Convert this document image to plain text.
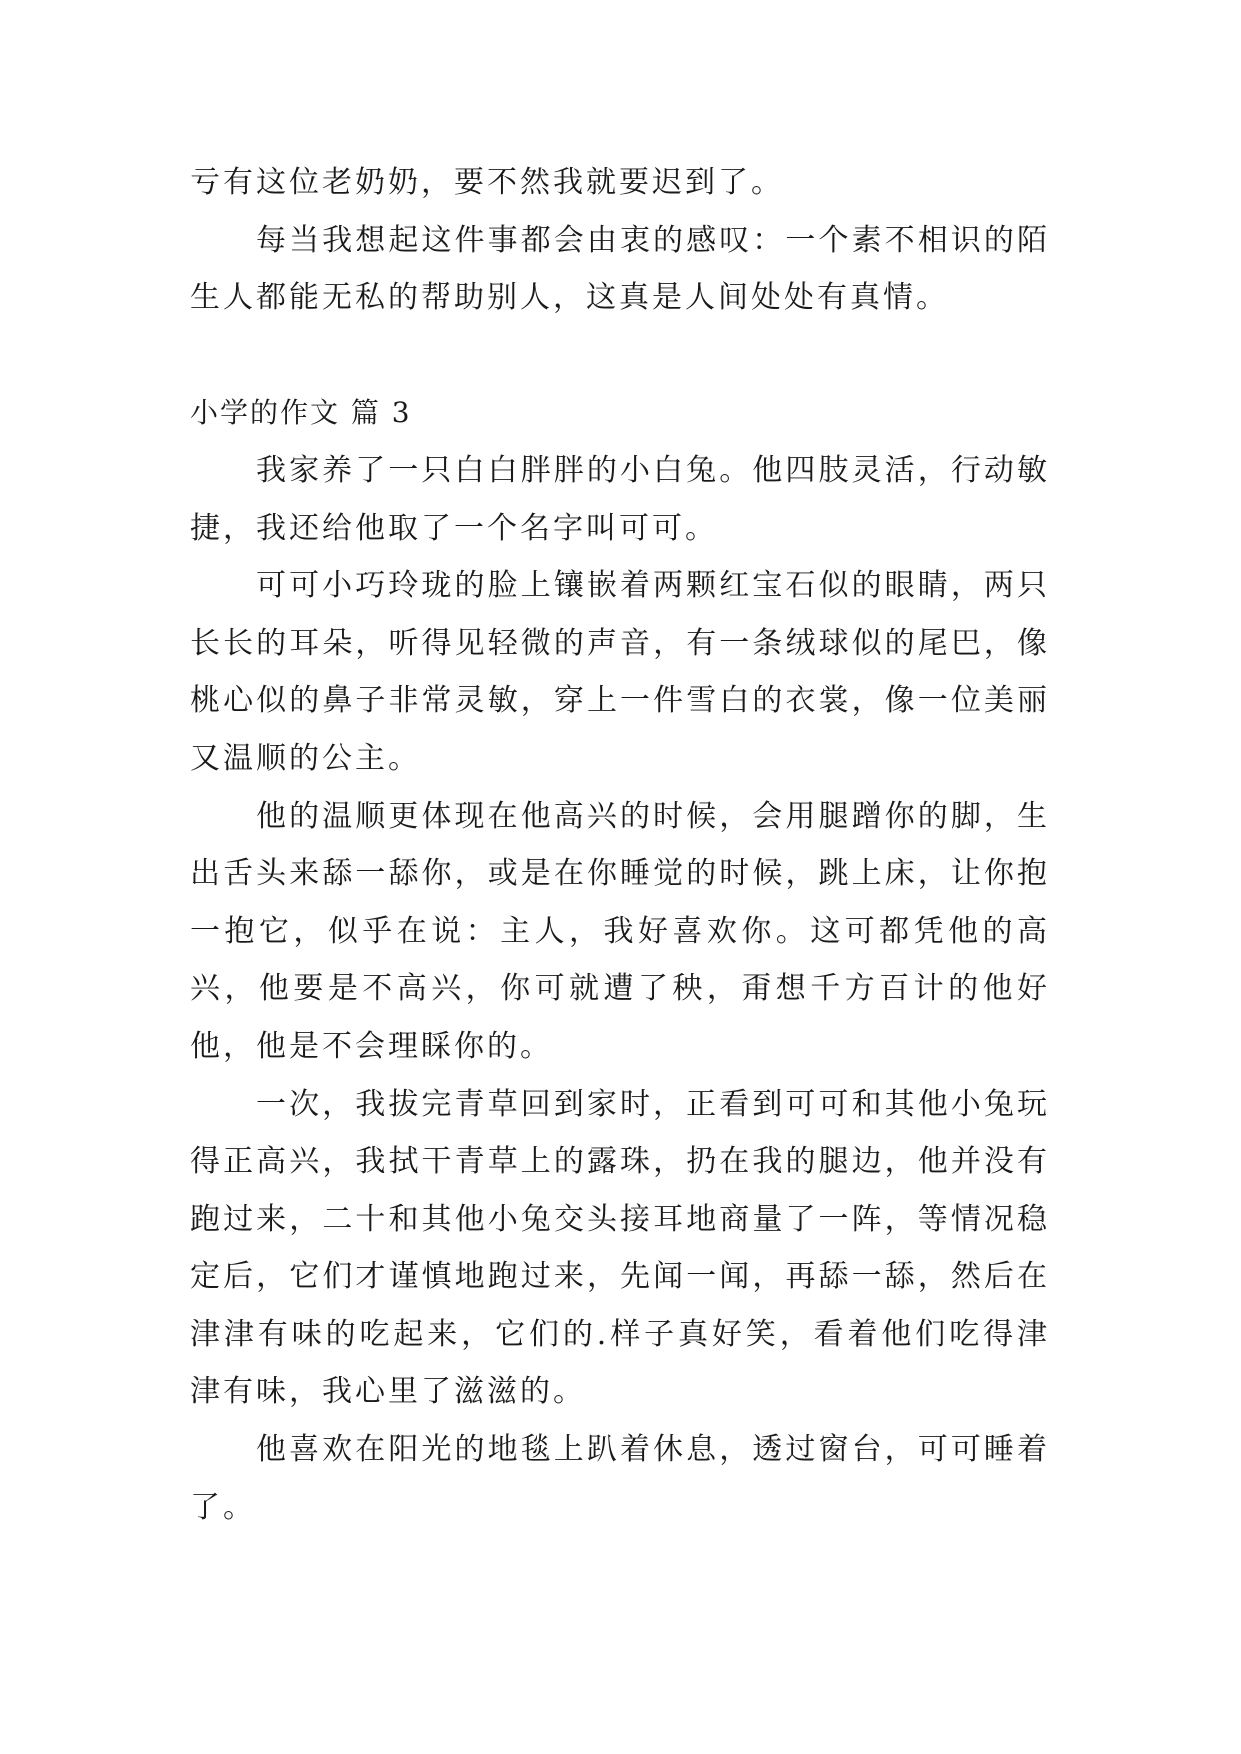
亏有这位老奶奶，要不然我就要迟到了。

每当我想起这件事都会由衷的感叹：一个素不相识的陌生人都能无私的帮助别人，这真是人间处处有真情。

小学的作文 篇 3

我家养了一只白白胖胖的小白兔。他四肢灵活，行动敏捷，我还给他取了一个名字叫可可。

可可小巧玲珑的脸上镶嵌着两颗红宝石似的眼睛，两只长长的耳朵，听得见轻微的声音，有一条绒球似的尾巴，像桃心似的鼻子非常灵敏，穿上一件雪白的衣裳，像一位美丽又温顺的公主。

他的温顺更体现在他高兴的时候，会用腿蹭你的脚，生出舌头来舔一舔你，或是在你睡觉的时候，跳上床，让你抱一抱它，似乎在说：主人，我好喜欢你。这可都凭他的高兴，他要是不高兴，你可就遭了秧，甭想千方百计的他好他，他是不会理睬你的。

一次，我拔完青草回到家时，正看到可可和其他小兔玩得正高兴，我拭干青草上的露珠，扔在我的腿边，他并没有跑过来，二十和其他小兔交头接耳地商量了一阵，等情况稳定后，它们才谨慎地跑过来，先闻一闻，再舔一舔，然后在津津有味的吃起来，它们的.样子真好笑，看着他们吃得津津有味，我心里了滋滋的。

他喜欢在阳光的地毯上趴着休息，透过窗台，可可睡着了。
